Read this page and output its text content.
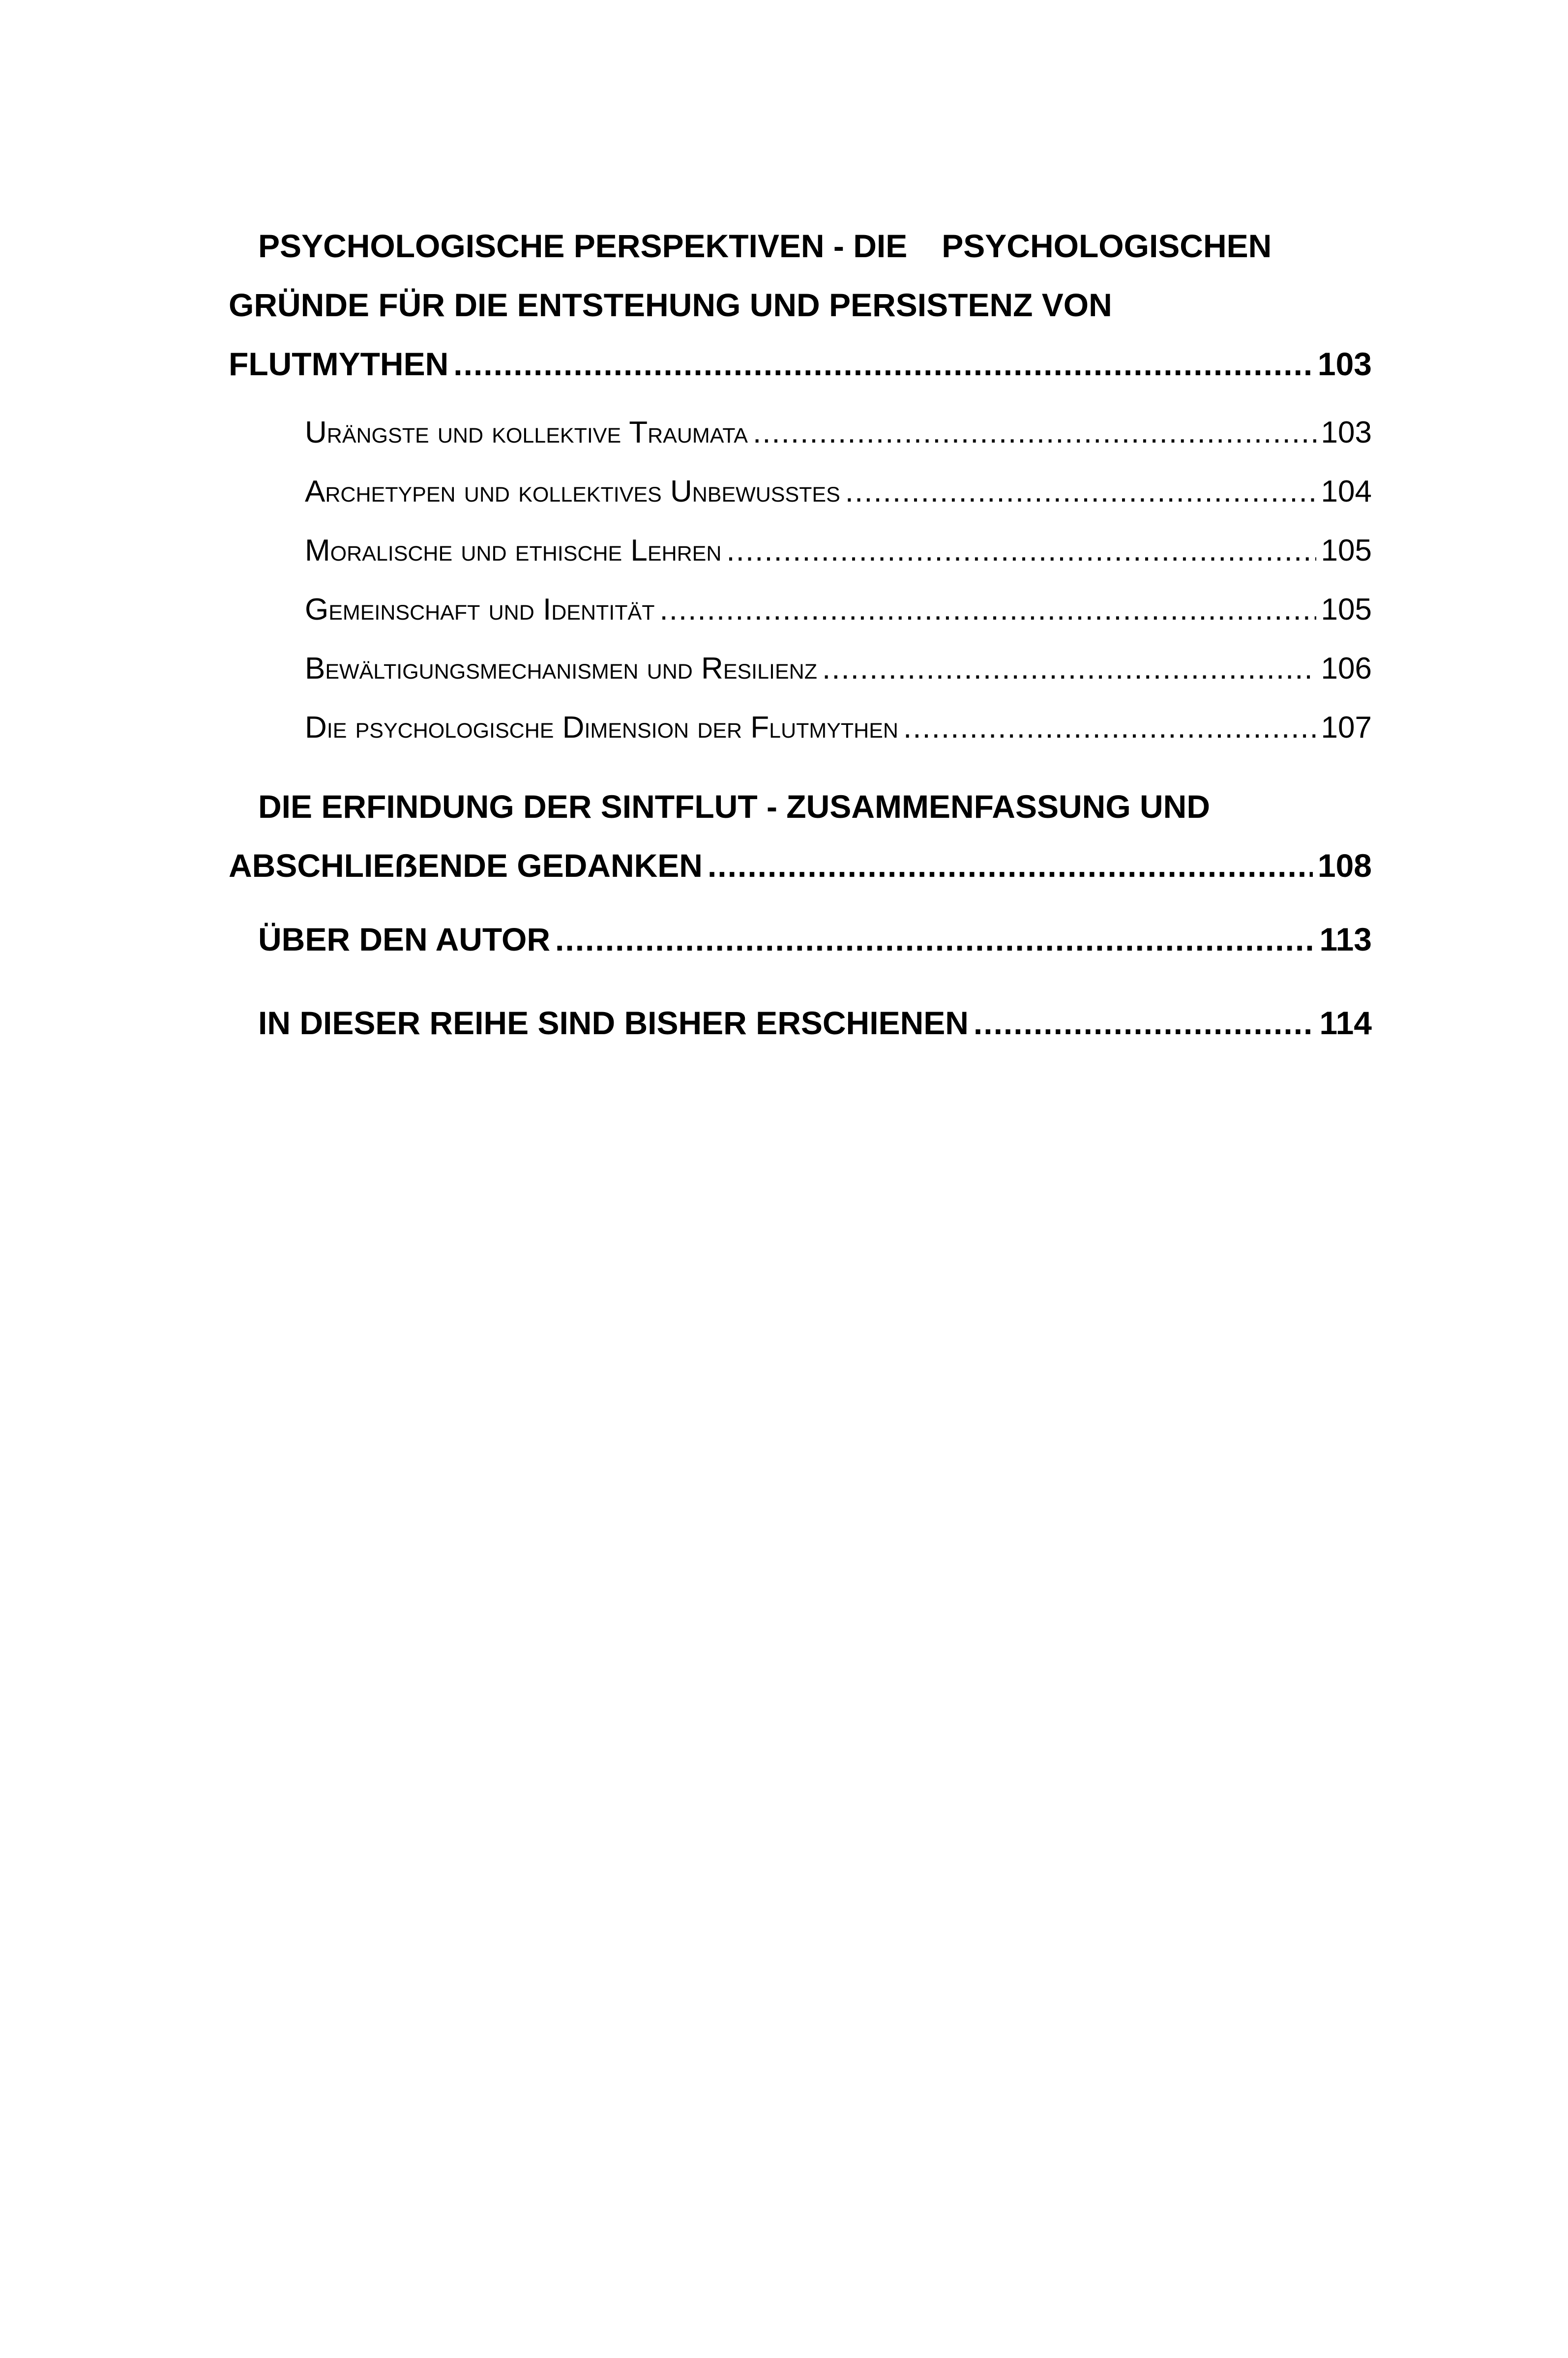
PSYCHOLOGISCHE PERSPEKTIVEN - DIE PSYCHOLOGISCHEN
GRÜNDE FÜR DIE ENTSTEHUNG UND PERSISTENZ VON
FLUTMYTHEN .....	103
Urängste und kollektive Traumata .....	103
Archetypen und kollektives Unbewusstes .....	104
Moralische und ethische Lehren .....	105
Gemeinschaft und Identität .....	105
Bewältigungsmechanismen und Resilienz .....	106
Die psychologische Dimension der Flutmythen .....	107
DIE ERFINDUNG DER SINTFLUT - ZUSAMMENFASSUNG UND
ABSCHLIEẞENDE GEDANKEN .....	108
ÜBER DEN AUTOR .....	113
IN DIESER REIHE SIND BISHER ERSCHIENEN .....	114
